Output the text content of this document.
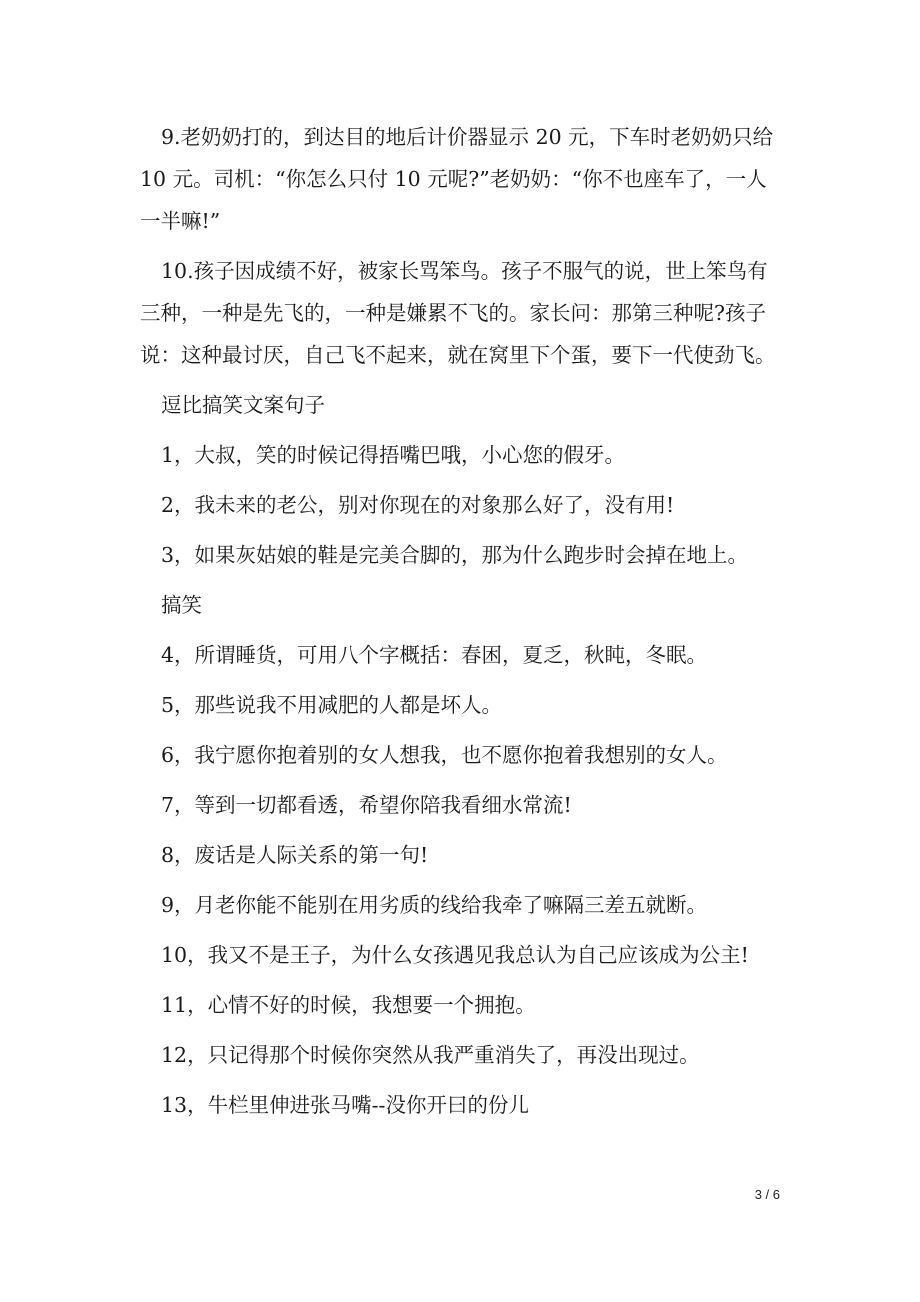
9.老奶奶打的，到达目的地后计价器显示 20 元，下车时老奶奶只给 10 元。司机：“你怎么只付 10 元呢?”老奶奶：“你不也座车了，一人一半嘛!”

10.孩子因成绩不好，被家长骂笨鸟。孩子不服气的说，世上笨鸟有三种，一种是先飞的，一种是嫌累不飞的。家长问：那第三种呢?孩子说：这种最讨厌，自己飞不起来，就在窝里下个蛋，要下一代使劲飞。

逗比搞笑文案句子

1，大叔，笑的时候记得捂嘴巴哦，小心您的假牙。

2，我未来的老公，别对你现在的对象那么好了，没有用!

3，如果灰姑娘的鞋是完美合脚的，那为什么跑步时会掉在地上。

搞笑

4，所谓睡货，可用八个字概括：春困，夏乏，秋盹，冬眠。

5，那些说我不用减肥的人都是坏人。

6，我宁愿你抱着别的女人想我，也不愿你抱着我想别的女人。

7，等到一切都看透，希望你陪我看细水常流!

8，废话是人际关系的第一句!

9，月老你能不能别在用劣质的线给我牵了嘛隔三差五就断。

10，我又不是王子，为什么女孩遇见我总认为自己应该成为公主!

11，心情不好的时候，我想要一个拥抱。

12，只记得那个时候你突然从我严重消失了，再没出现过。

13，牛栏里伸进张马嘴--没你开曰的份儿

3 / 6
